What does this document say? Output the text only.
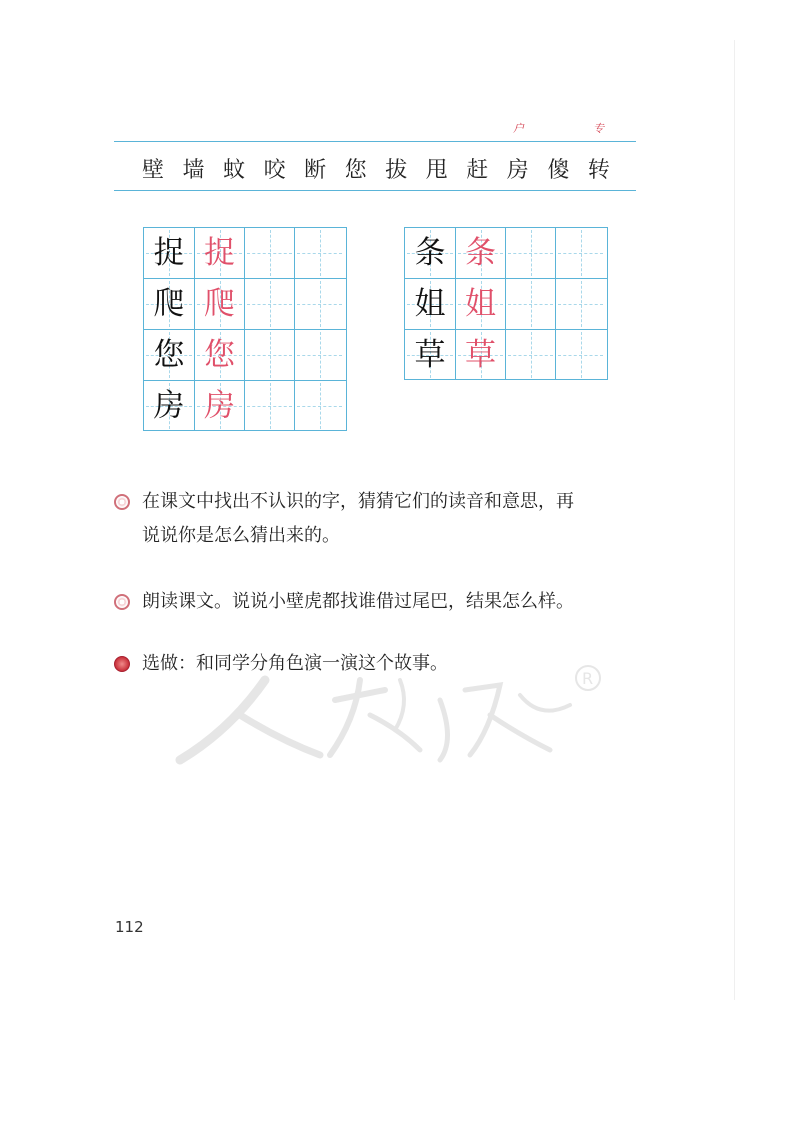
户	专
壁 墙 蚊 咬 断 您 拔 甩 赶 房 傻 转
捉 捉
爬 爬
您 您
房 房
条 条
姐 姐
草 草
在课文中找出不认识的字，猜猜它们的读音和意思，再
说说你是怎么猜出来的。
朗读课文。说说小壁虎都找谁借过尾巴，结果怎么样。
选做：和同学分角色演一演这个故事。
R
112
